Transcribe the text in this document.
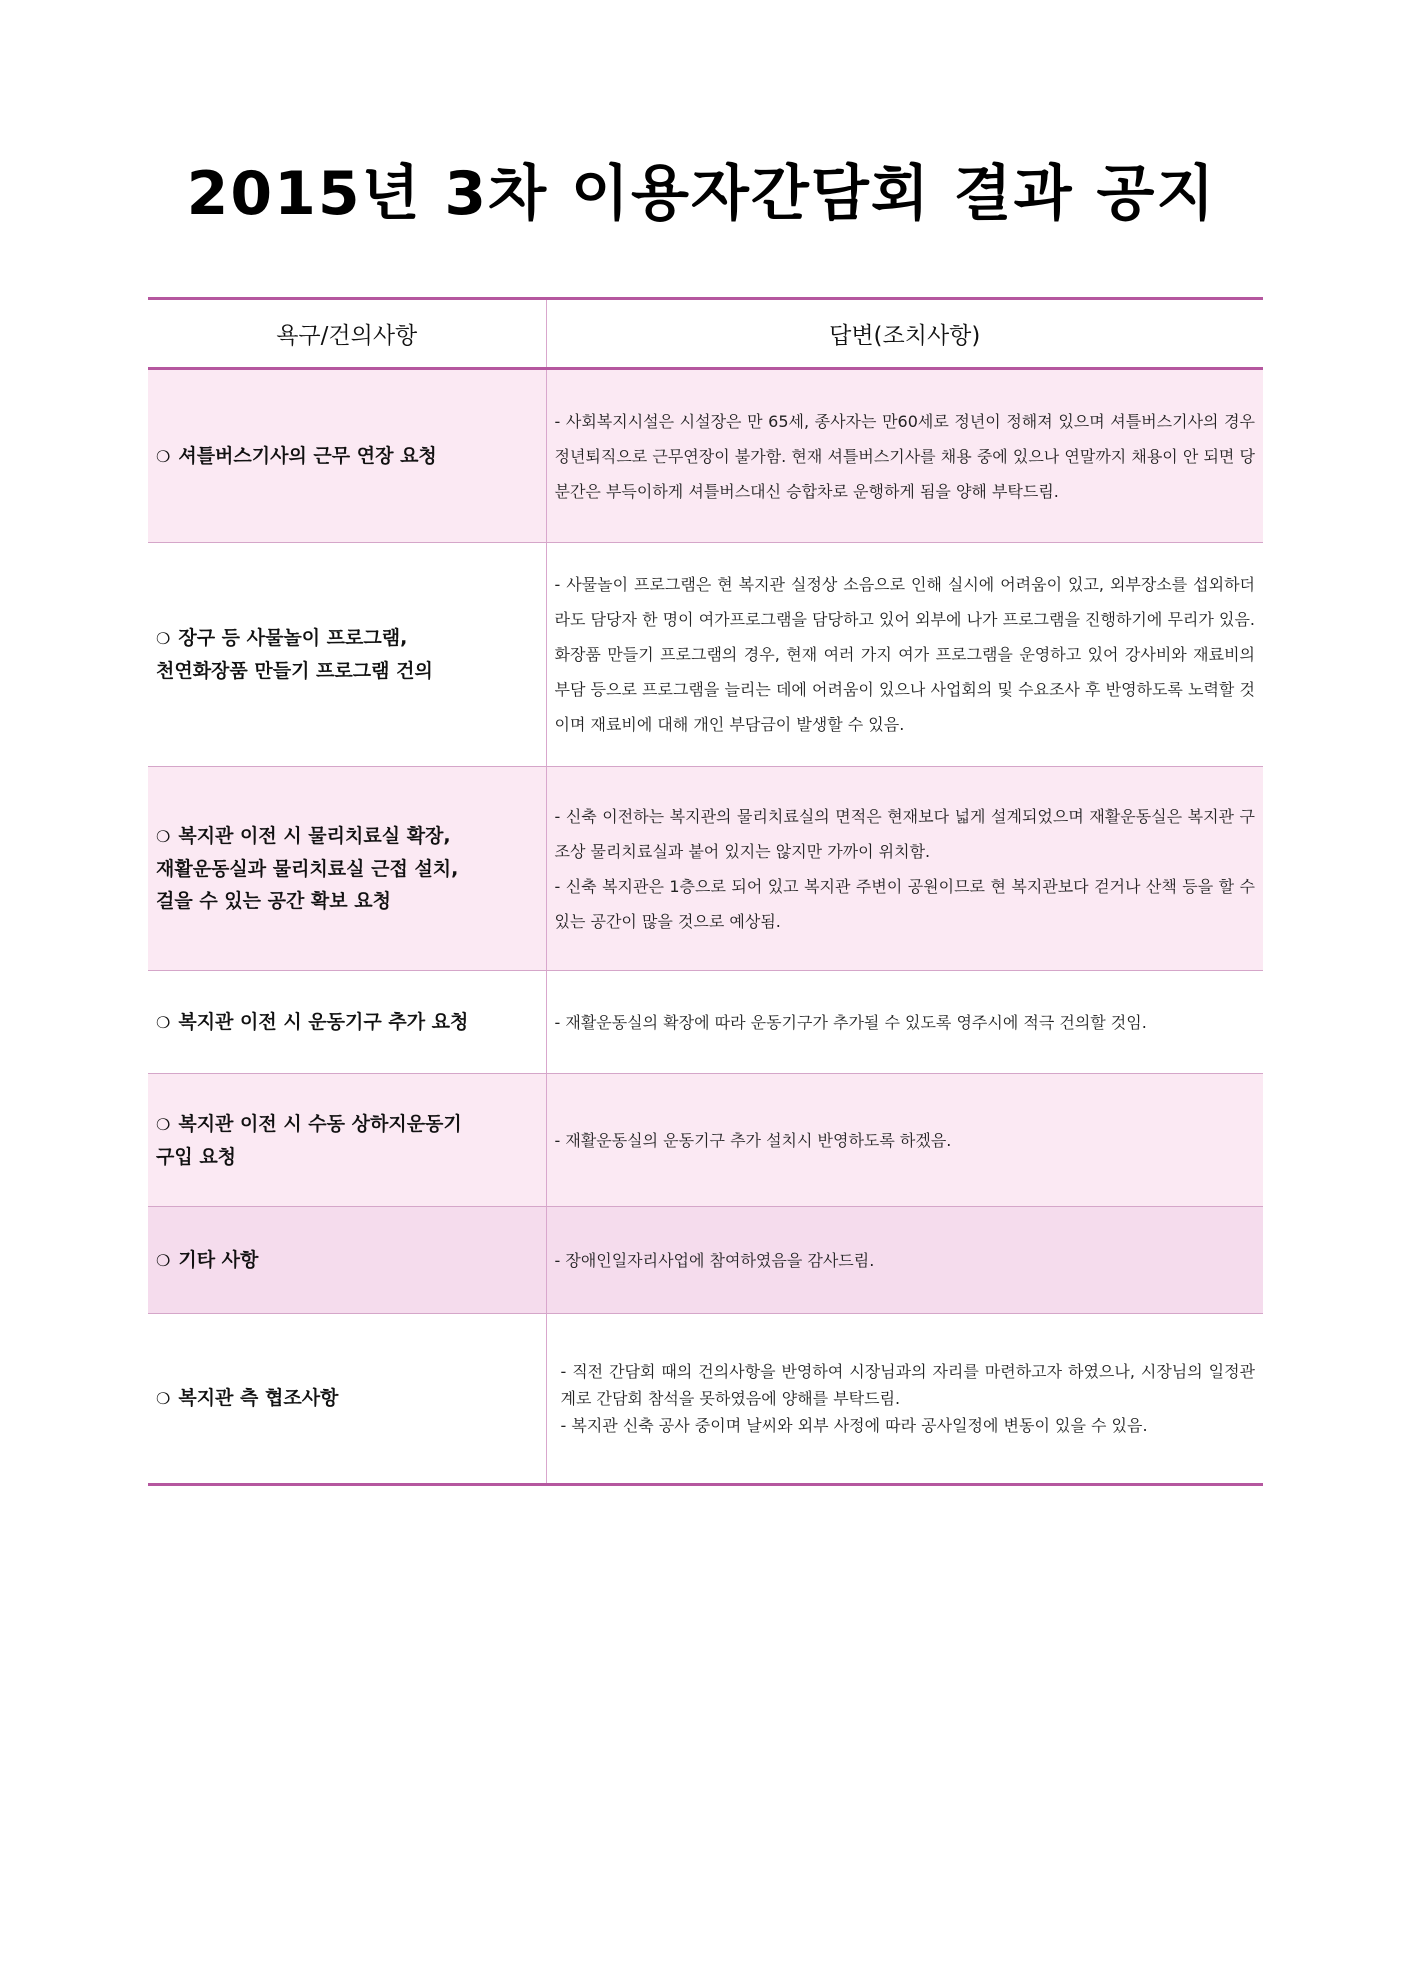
2015년 3차 이용자간담회 결과 공지
욕구/건의사항	답변(조치사항)
❍ 셔틀버스기사의 근무 연장 요청	- 사회복지시설은 시설장은 만 65세, 종사자는 만60세로 정년이 정해져 있으며 셔틀버스기사의 경우 정년퇴직으로 근무연장이 불가함. 현재 셔틀버스기사를 채용 중에 있으나 연말까지 채용이 안 되면 당분간은 부득이하게 셔틀버스대신 승합차로 운행하게 됨을 양해 부탁드림.

❍ 장구 등 사물놀이 프로그램,
천연화장품 만들기 프로그램 건의	- 사물놀이 프로그램은 현 복지관 실정상 소음으로 인해 실시에 어려움이 있고, 외부장소를 섭외하더라도 담당자 한 명이 여가프로그램을 담당하고 있어 외부에 나가 프로그램을 진행하기에 무리가 있음. 화장품 만들기 프로그램의 경우, 현재 여러 가지 여가 프로그램을 운영하고 있어 강사비와 재료비의 부담 등으로 프로그램을 늘리는 데에 어려움이 있으나 사업회의 및 수요조사 후 반영하도록 노력할 것이며 재료비에 대해 개인 부담금이 발생할 수 있음.

❍ 복지관 이전 시 물리치료실 확장,
재활운동실과 물리치료실 근접 설치,
걸을 수 있는 공간 확보 요청	- 신축 이전하는 복지관의 물리치료실의 면적은 현재보다 넓게 설계되었으며 재활운동실은 복지관 구조상 물리치료실과 붙어 있지는 않지만 가까이 위치함.
- 신축 복지관은 1층으로 되어 있고 복지관 주변이 공원이므로 현 복지관보다 걷거나 산책 등을 할 수 있는 공간이 많을 것으로 예상됨.

❍ 복지관 이전 시 운동기구 추가 요청	- 재활운동실의 확장에 따라 운동기구가 추가될 수 있도록 영주시에 적극 건의할 것임.

❍ 복지관 이전 시 수동 상하지운동기
구입 요청	- 재활운동실의 운동기구 추가 설치시 반영하도록 하겠음.

❍ 기타 사항	- 장애인일자리사업에 참여하였음을 감사드림.

❍ 복지관 측 협조사항	- 직전 간담회 때의 건의사항을 반영하여 시장님과의 자리를 마련하고자 하였으나, 시장님의 일정관계로 간담회 참석을 못하였음에 양해를 부탁드림.
- 복지관 신축 공사 중이며 날씨와 외부 사정에 따라 공사일정에 변동이 있을 수 있음.
